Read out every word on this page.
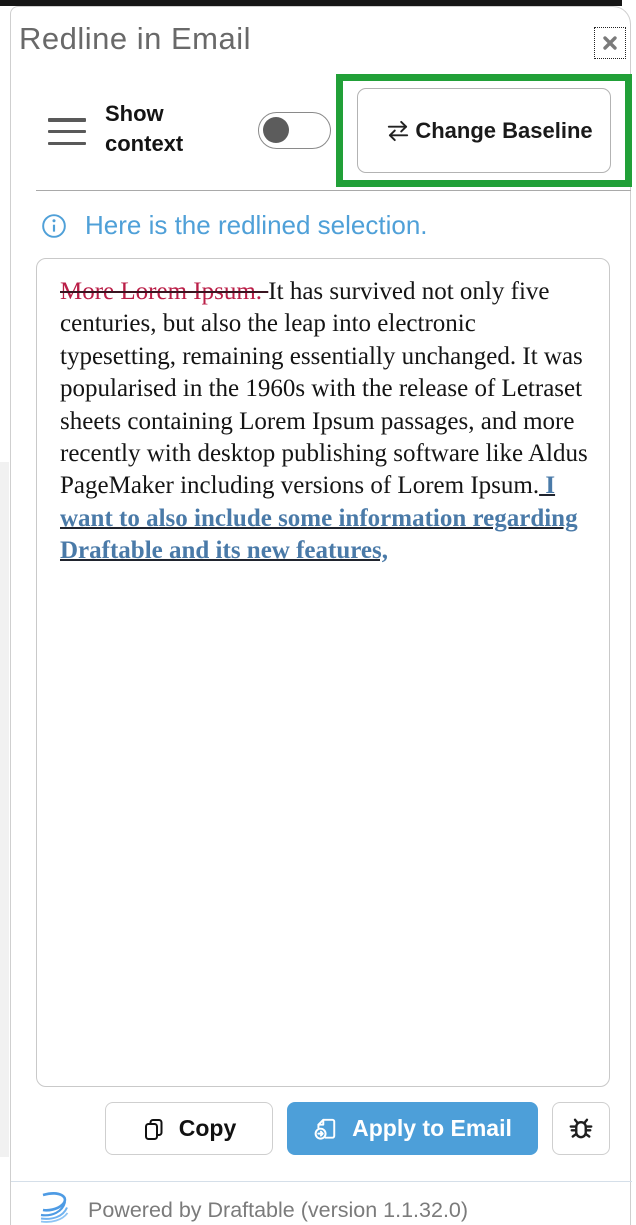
Redline in Email
Show context
Change Baseline
Here is the redlined selection.
More Lorem Ipsum. It has survived not only five centuries, but also the leap into electronic typesetting, remaining essentially unchanged. It was popularised in the 1960s with the release of Letraset sheets containing Lorem Ipsum passages, and more recently with desktop publishing software like Aldus PageMaker including versions of Lorem Ipsum. I want to also include some information regarding Draftable and its new features,
Copy	Apply to Email
Powered by Draftable (version 1.1.32.0)
